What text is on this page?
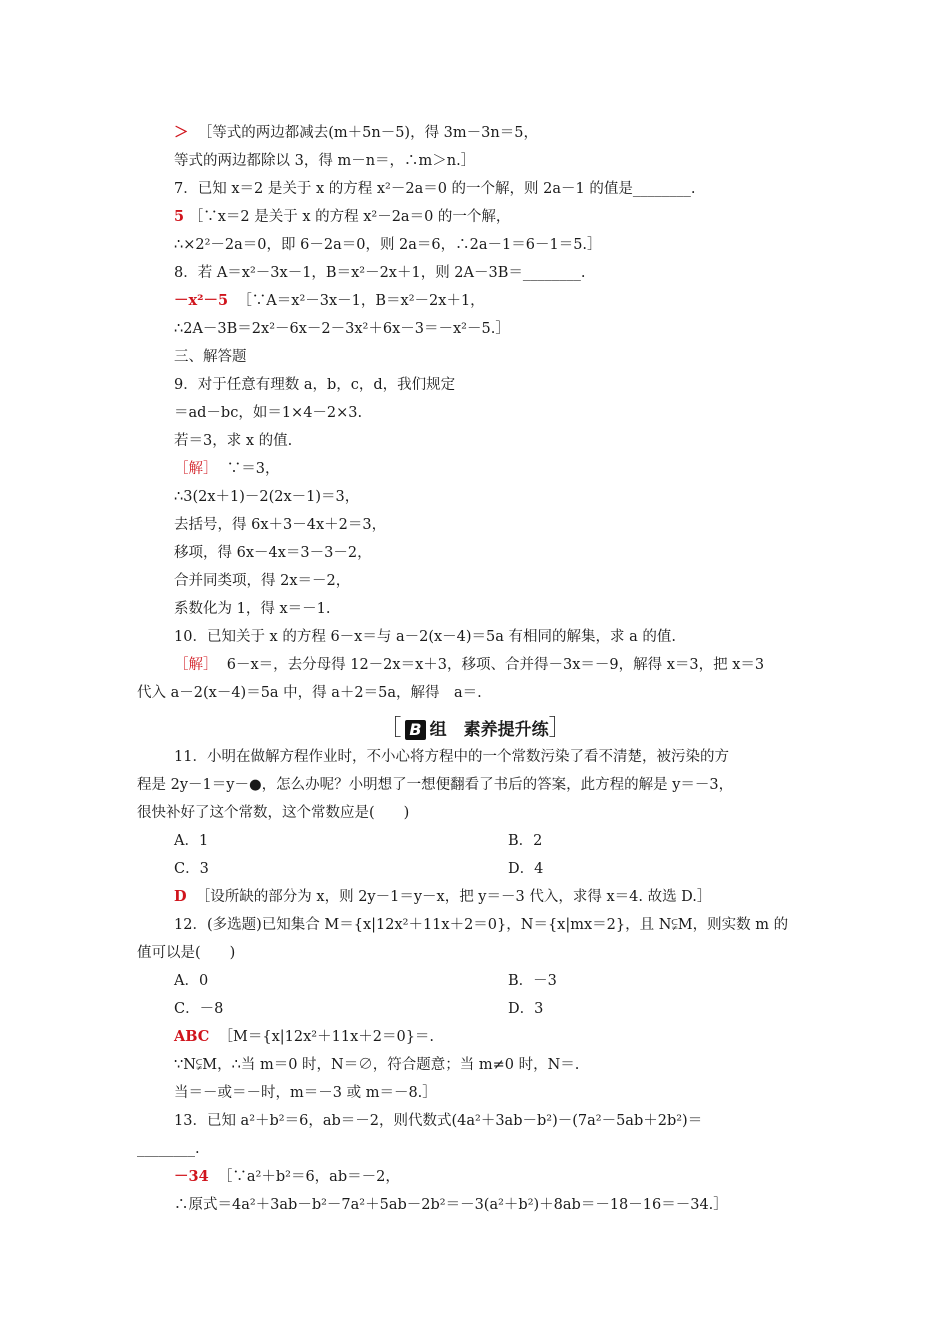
＞ ［等式的两边都减去(m＋5n－5)，得 3m－3n＝5，
等式的两边都除以 3，得 m－n＝，∴m＞n.］
7．已知 x＝2 是关于 x 的方程 x²－2a＝0 的一个解，则 2a－1 的值是________.
5 ［∵x＝2 是关于 x 的方程 x²－2a＝0 的一个解，
∴×2²－2a＝0，即 6－2a＝0，则 2a＝6，∴2a－1＝6－1＝5.］
8．若 A＝x²－3x－1，B＝x²－2x＋1，则 2A－3B＝________.
－x²－5 ［∵A＝x²－3x－1，B＝x²－2x＋1，
∴2A－3B＝2x²－6x－2－3x²＋6x－3＝－x²－5.］
三、解答题
9．对于任意有理数 a，b，c，d，我们规定
＝ad－bc，如＝1×4－2×3.
若＝3，求 x 的值.
［解］ ∵＝3，
∴3(2x＋1)－2(2x－1)＝3，
去括号，得 6x＋3－4x＋2＝3，
移项，得 6x－4x＝3－3－2，
合并同类项，得 2x＝－2，
系数化为 1，得 x＝－1.
10．已知关于 x 的方程 6－x＝与 a－2(x－4)＝5a 有相同的解集，求 a 的值.
［解］ 6－x＝，去分母得 12－2x＝x＋3，移项、合并得－3x＝－9，解得 x＝3，把 x＝3
代入 a－2(x－4)＝5a 中，得 a＋2＝5a，解得　a＝.
［ B 组　素养提升练］
11．小明在做解方程作业时，不小心将方程中的一个常数污染了看不清楚，被污染的方
程是 2y－1＝y－●，怎么办呢？小明想了一想便翻看了书后的答案，此方程的解是 y＝－3，
很快补好了这个常数，这个常数应是(　　)
A．1	B．2
C．3	D．4
D ［设所缺的部分为 x，则 2y－1＝y－x，把 y＝－3 代入，求得 x＝4. 故选 D.］
12．(多选题)已知集合 M＝{x|12x²＋11x＋2＝0}，N＝{x|mx＝2}，且 N⫋M，则实数 m 的
值可以是(　　)
A．0	B．－3
C．－8	D．3
ABC ［M＝{x|12x²＋11x＋2＝0}＝.
∵N⫋M，∴当 m＝0 时，N＝∅，符合题意；当 m≠0 时，N＝.
当＝－或＝－时，m＝－3 或 m＝－8.］
13．已知 a²＋b²＝6，ab＝－2，则代数式(4a²＋3ab－b²)－(7a²－5ab＋2b²)＝
________.
－34 ［∵a²＋b²＝6，ab＝－2，
∴原式＝4a²＋3ab－b²－7a²＋5ab－2b²＝－3(a²＋b²)＋8ab＝－18－16＝－34.］
